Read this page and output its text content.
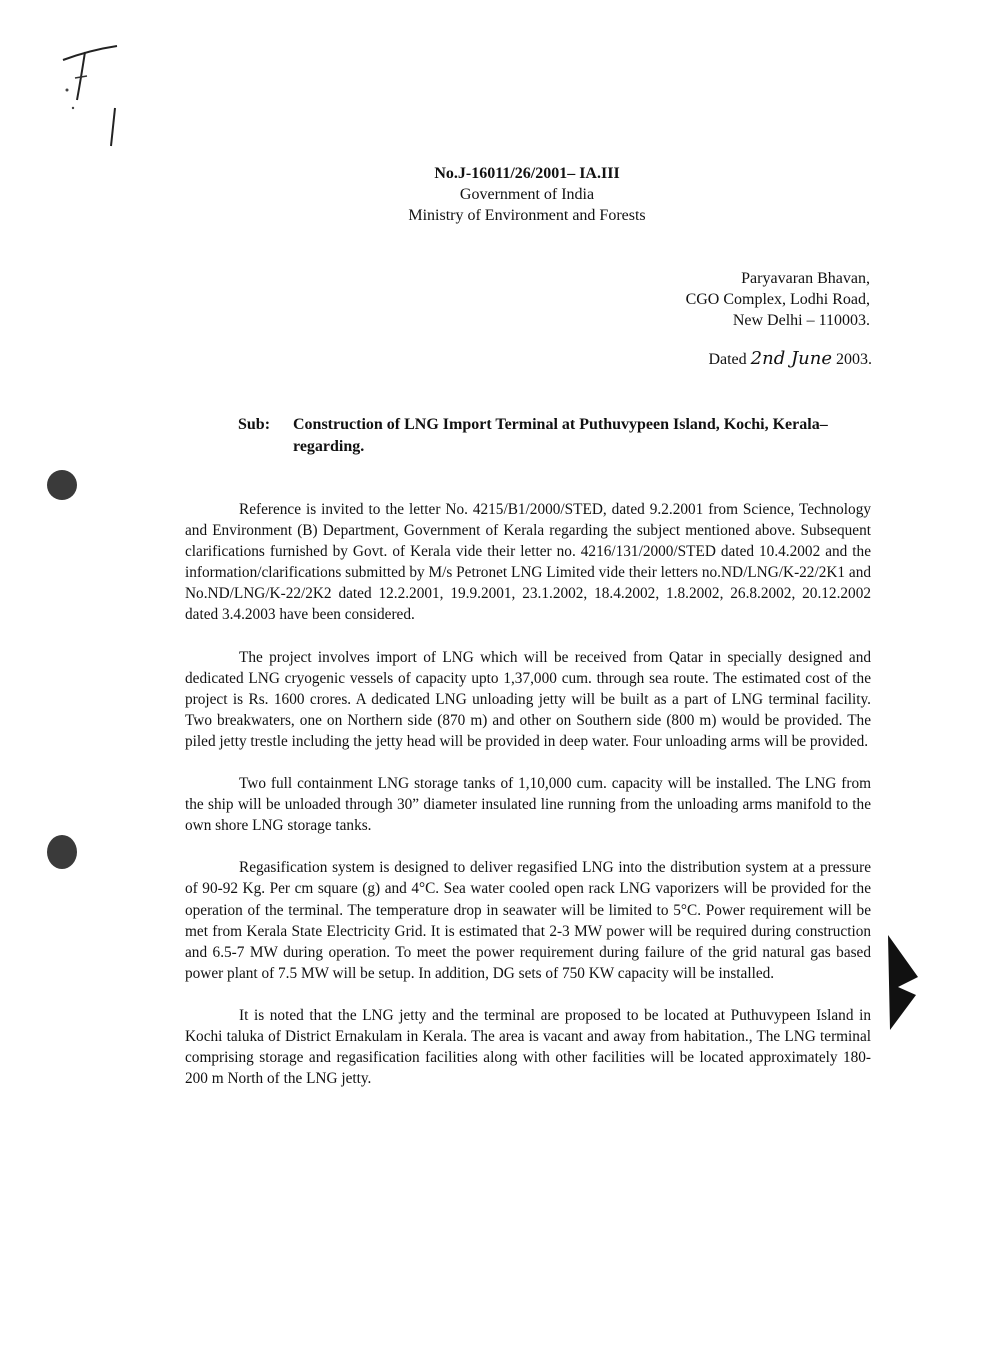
No.J-16011/26/2001– IA.III
Government of India
Ministry of Environment and Forests
Paryavaran Bhavan,
CGO Complex, Lodhi Road,
New Delhi – 110003.
Dated 2nd June 2003.
Sub: Construction of LNG Import Terminal at Puthuvypeen Island, Kochi, Kerala– regarding.

Reference is invited to the letter No. 4215/B1/2000/STED, dated 9.2.2001 from Science, Technology and Environment (B) Department, Government of Kerala regarding the subject mentioned above. Subsequent clarifications furnished by Govt. of Kerala vide their letter no. 4216/131/2000/STED dated 10.4.2002 and the information/clarifications submitted by M/s Petronet LNG Limited vide their letters no.ND/LNG/K-22/2K1 and No.ND/LNG/K-22/2K2 dated 12.2.2001, 19.9.2001, 23.1.2002, 18.4.2002, 1.8.2002, 26.8.2002, 20.12.2002 dated 3.4.2003 have been considered.

The project involves import of LNG which will be received from Qatar in specially designed and dedicated LNG cryogenic vessels of capacity upto 1,37,000 cum. through sea route. The estimated cost of the project is Rs. 1600 crores. A dedicated LNG unloading jetty will be built as a part of LNG terminal facility. Two breakwaters, one on Northern side (870 m) and other on Southern side (800 m) would be provided. The piled jetty trestle including the jetty head will be provided in deep water. Four unloading arms will be provided.

Two full containment LNG storage tanks of 1,10,000 cum. capacity will be installed. The LNG from the ship will be unloaded through 30” diameter insulated line running from the unloading arms manifold to the own shore LNG storage tanks.

Regasification system is designed to deliver regasified LNG into the distribution system at a pressure of 90-92 Kg. Per cm square (g) and 4°C. Sea water cooled open rack LNG vaporizers will be provided for the operation of the terminal. The temperature drop in seawater will be limited to 5°C. Power requirement will be met from Kerala State Electricity Grid. It is estimated that 2-3 MW power will be required during construction and 6.5-7 MW during operation. To meet the power requirement during failure of the grid natural gas based power plant of 7.5 MW will be setup. In addition, DG sets of 750 KW capacity will be installed.

It is noted that the LNG jetty and the terminal are proposed to be located at Puthuvypeen Island in Kochi taluka of District Ernakulam in Kerala. The area is vacant and away from habitation., The LNG terminal comprising storage and regasification facilities along with other facilities will be located approximately 180-200 m North of the LNG jetty.
